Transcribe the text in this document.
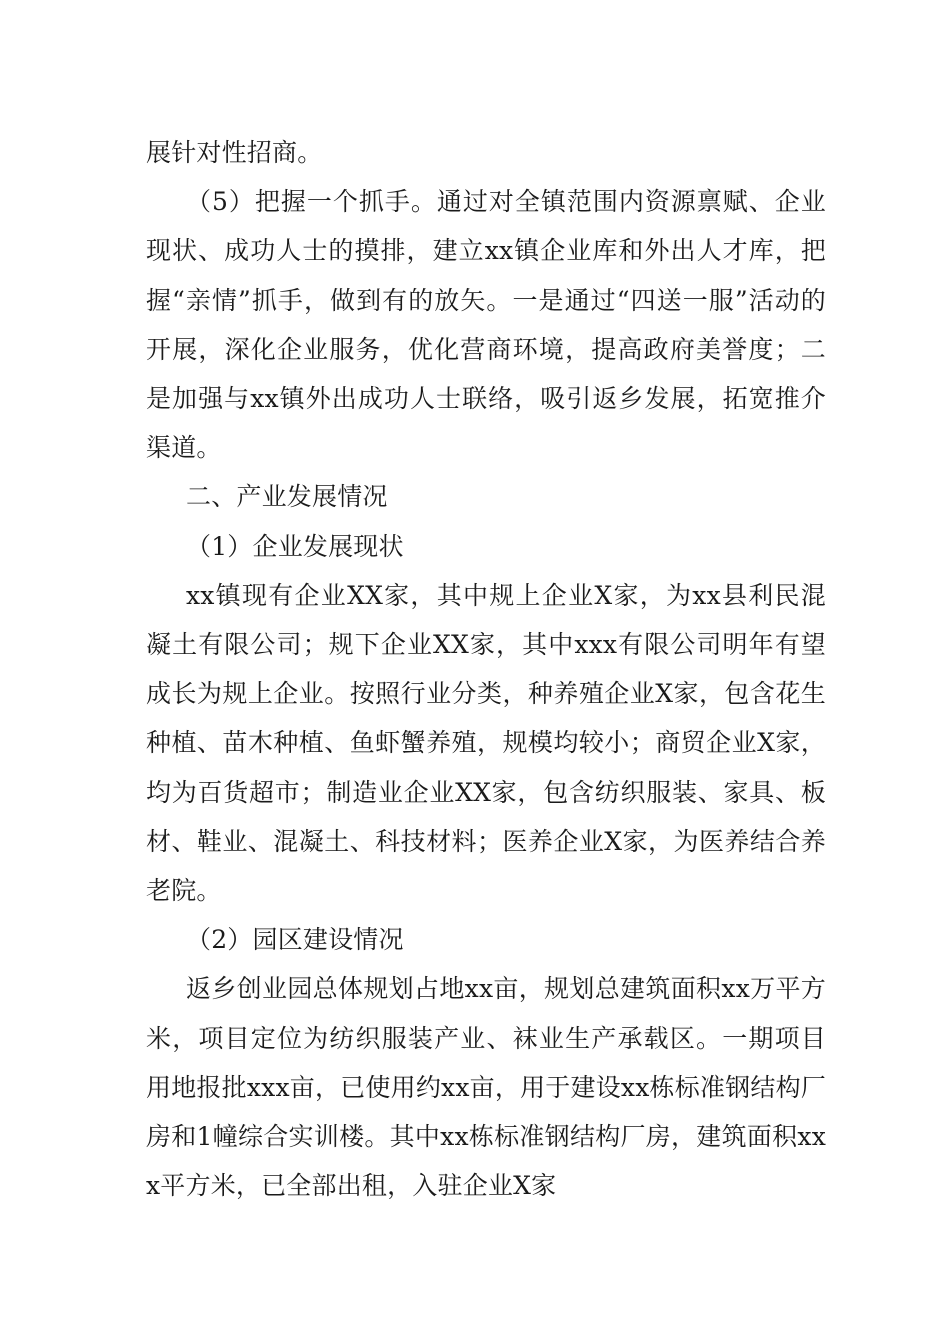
展针对性招商。

（5）把握一个抓手。通过对全镇范围内资源禀赋、企业现状、成功人士的摸排，建立xx镇企业库和外出人才库，把握“亲情”抓手，做到有的放矢。一是通过“四送一服”活动的开展，深化企业服务，优化营商环境，提高政府美誉度；二是加强与xx镇外出成功人士联络，吸引返乡发展，拓宽推介渠道。

二、产业发展情况

（1）企业发展现状

xx镇现有企业XX家，其中规上企业X家，为xx县利民混凝土有限公司；规下企业XX家，其中xxx有限公司明年有望成长为规上企业。按照行业分类，种养殖企业X家，包含花生种植、苗木种植、鱼虾蟹养殖，规模均较小；商贸企业X家，均为百货超市；制造业企业XX家，包含纺织服装、家具、板材、鞋业、混凝土、科技材料；医养企业X家，为医养结合养老院。

（2）园区建设情况

返乡创业园总体规划占地xx亩，规划总建筑面积xx万平方米，项目定位为纺织服装产业、袜业生产承载区。一期项目用地报批xxx亩，已使用约xx亩，用于建设xx栋标准钢结构厂房和1幢综合实训楼。其中xx栋标准钢结构厂房，建筑面积xxx平方米，已全部出租，入驻企业X家
